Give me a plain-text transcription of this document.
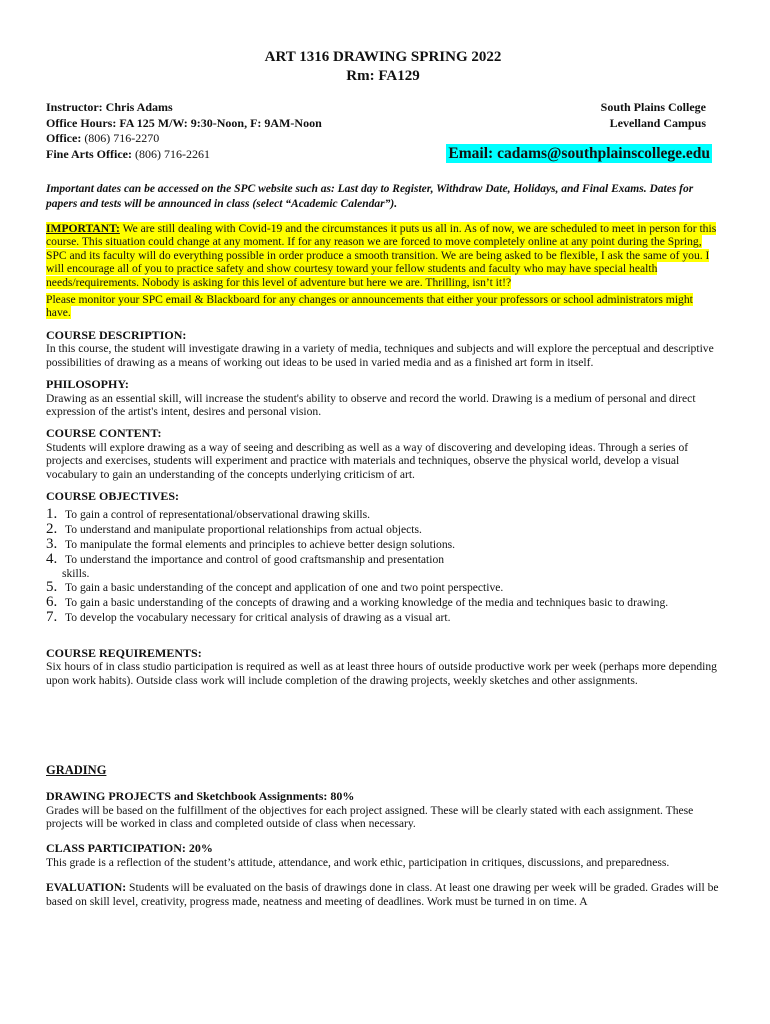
ART 1316 DRAWING SPRING 2022
Rm: FA129
Instructor: Chris Adams
Office Hours: FA 125 M/W: 9:30-Noon, F: 9AM-Noon
Office: (806) 716-2270
Fine Arts Office: (806) 716-2261
South Plains College
Levelland Campus
Email: cadams@southplainscollege.edu
Important dates can be accessed on the SPC website such as: Last day to Register, Withdraw Date, Holidays, and Final Exams. Dates for papers and tests will be announced in class (select “Academic Calendar”).
IMPORTANT: We are still dealing with Covid-19 and the circumstances it puts us all in. As of now, we are scheduled to meet in person for this course. This situation could change at any moment. If for any reason we are forced to move completely online at any point during the Spring, SPC and its faculty will do everything possible in order produce a smooth transition. We are being asked to be flexible, I ask the same of you. I will encourage all of you to practice safety and show courtesy toward your fellow students and faculty who may have special health needs/requirements. Nobody is asking for this level of adventure but here we are. Thrilling, isn’t it!?
Please monitor your SPC email & Blackboard for any changes or announcements that either your professors or school administrators might have.
COURSE DESCRIPTION:
In this course, the student will investigate drawing in a variety of media, techniques and subjects and will explore the perceptual and descriptive possibilities of drawing as a means of working out ideas to be used in varied media and as a finished art form in itself.
PHILOSOPHY:
Drawing as an essential skill, will increase the student's ability to observe and record the world. Drawing is a medium of personal and direct expression of the artist's intent, desires and personal vision.
COURSE CONTENT:
Students will explore drawing as a way of seeing and describing as well as a way of discovering and developing ideas. Through a series of projects and exercises, students will experiment and practice with materials and techniques, observe the physical world, develop a visual vocabulary to gain an understanding of the concepts underlying criticism of art.
COURSE OBJECTIVES:
1. To gain a control of representational/observational drawing skills.
2. To understand and manipulate proportional relationships from actual objects.
3. To manipulate the formal elements and principles to achieve better design solutions.
4. To understand the importance and control of good craftsmanship and presentation
skills.
5. To gain a basic understanding of the concept and application of one and two point perspective.
6. To gain a basic understanding of the concepts of drawing and a working knowledge of the media and techniques basic to drawing.
7. To develop the vocabulary necessary for critical analysis of drawing as a visual art.
COURSE REQUIREMENTS:
Six hours of in class studio participation is required as well as at least three hours of outside productive work per week (perhaps more depending upon work habits). Outside class work will include completion of the drawing projects, weekly sketches and other assignments.
GRADING
DRAWING PROJECTS and Sketchbook Assignments: 80%
Grades will be based on the fulfillment of the objectives for each project assigned. These will be clearly stated with each assignment. These projects will be worked in class and completed outside of class when necessary.
CLASS PARTICIPATION: 20%
This grade is a reflection of the student’s attitude, attendance, and work ethic, participation in critiques, discussions, and preparedness.
EVALUATION: Students will be evaluated on the basis of drawings done in class. At least one drawing per week will be graded. Grades will be based on skill level, creativity, progress made, neatness and meeting of deadlines. Work must be turned in on time. A
